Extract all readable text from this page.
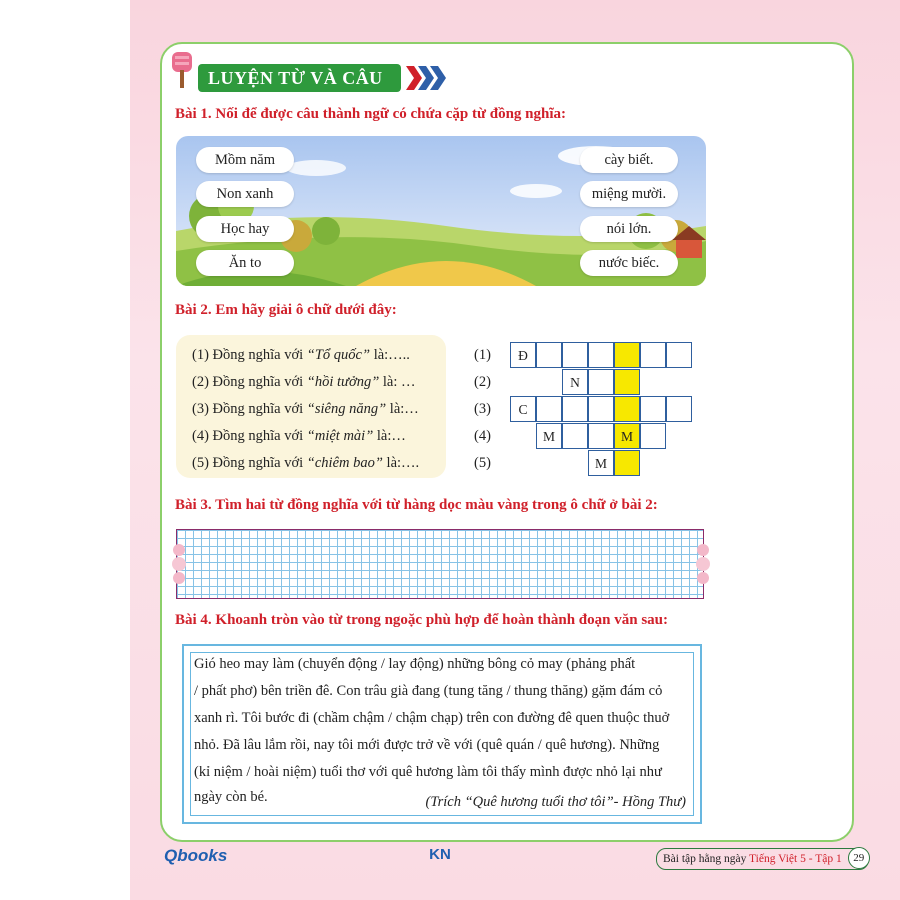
LUYỆN TỪ VÀ CÂU
Bài 1. Nối để được câu thành ngữ có chứa cặp từ đồng nghĩa:
Mồm năm
Non xanh
Học hay
Ăn to
cày biết.
miệng mười.
nói lớn.
nước biếc.
Bài 2. Em hãy giải ô chữ dưới đây:
(1) Đồng nghĩa với “Tổ quốc” là:…..
(2) Đồng nghĩa với “hồi tưởng” là: …
(3) Đồng nghĩa với “siêng năng” là:…
(4) Đồng nghĩa với “miệt mài” là:…
(5) Đồng nghĩa với “chiêm bao” là:….
(1)
(2)
(3)
(4)
(5)
Đ
N
C
M	M
M
Bài 3. Tìm hai từ đồng nghĩa với từ hàng dọc màu vàng trong ô chữ ở bài 2:
Bài 4. Khoanh tròn vào từ trong ngoặc phù hợp để hoàn thành đoạn văn sau:
Gió heo may làm (chuyển động / lay động) những bông cỏ may (phảng phất
/ phất phơ) bên triền đê. Con trâu già đang (tung tăng / thung thăng) gặm đám cỏ
xanh rì. Tôi bước đi (chầm chậm / chậm chạp) trên con đường đê quen thuộc thuở
nhỏ. Đã lâu lắm rồi, nay tôi mới được trở về với (quê quán / quê hương). Những
(kỉ niệm / hoài niệm) tuổi thơ với quê hương làm tôi thấy mình được nhỏ lại như
ngày còn bé.	(Trích “Quê hương tuổi thơ tôi”- Hồng Thư)
Qbooks	KN	Bài tập hằng ngày Tiếng Việt 5 - Tập 1	29
